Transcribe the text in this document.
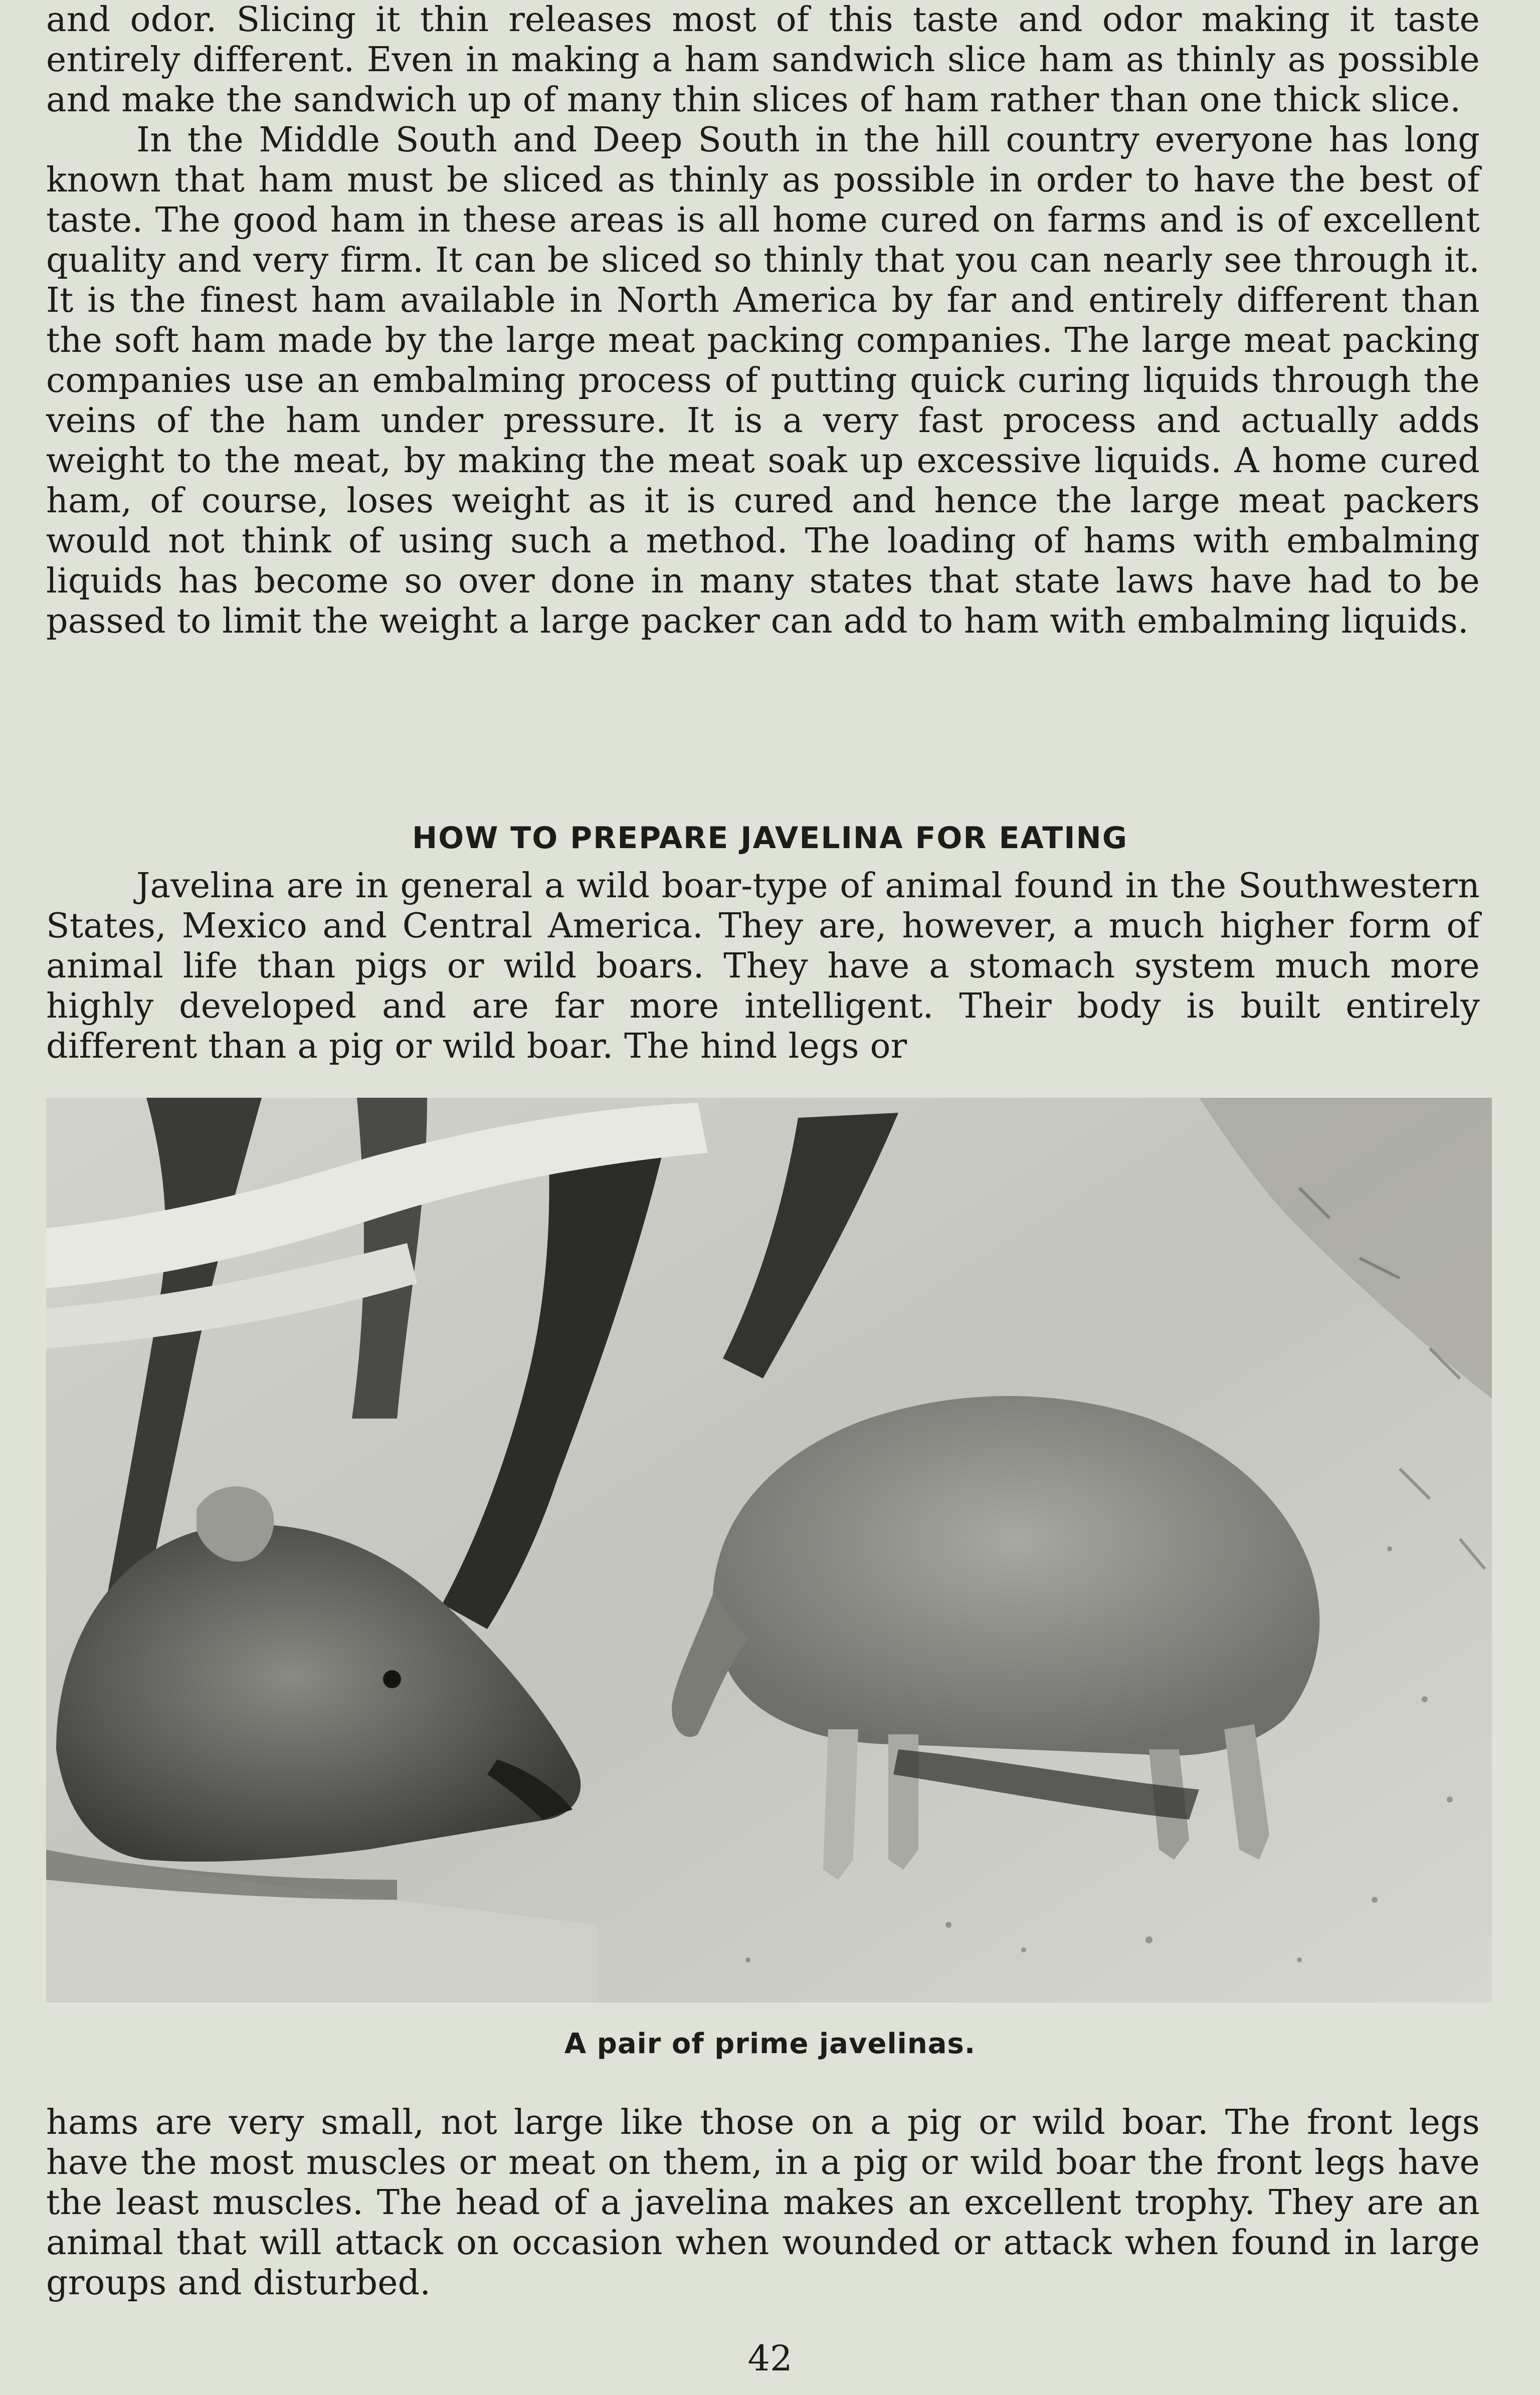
and odor. Slicing it thin releases most of this taste and odor making it taste entirely different. Even in making a ham sandwich slice ham as thinly as possible and make the sandwich up of many thin slices of ham rather than one thick slice.

In the Middle South and Deep South in the hill country everyone has long known that ham must be sliced as thinly as possible in order to have the best of taste. The good ham in these areas is all home cured on farms and is of excellent quality and very firm. It can be sliced so thinly that you can nearly see through it. It is the finest ham available in North America by far and entirely different than the soft ham made by the large meat packing companies. The large meat packing companies use an embalming process of putting quick curing liquids through the veins of the ham under pressure. It is a very fast process and actually adds weight to the meat, by making the meat soak up excessive liquids. A home cured ham, of course, loses weight as it is cured and hence the large meat packers would not think of using such a method. The loading of hams with embalming liquids has become so over done in many states that state laws have had to be passed to limit the weight a large packer can add to ham with embalming liquids.

HOW TO PREPARE JAVELINA FOR EATING

Javelina are in general a wild boar-type of animal found in the Southwestern States, Mexico and Central America. They are, however, a much higher form of animal life than pigs or wild boars. They have a stomach system much more highly developed and are far more intelligent. Their body is built entirely different than a pig or wild boar. The hind legs or

A pair of prime javelinas.

hams are very small, not large like those on a pig or wild boar. The front legs have the most muscles or meat on them, in a pig or wild boar the front legs have the least muscles. The head of a javelina makes an excellent trophy. They are an animal that will attack on occasion when wounded or attack when found in large groups and disturbed.

42
